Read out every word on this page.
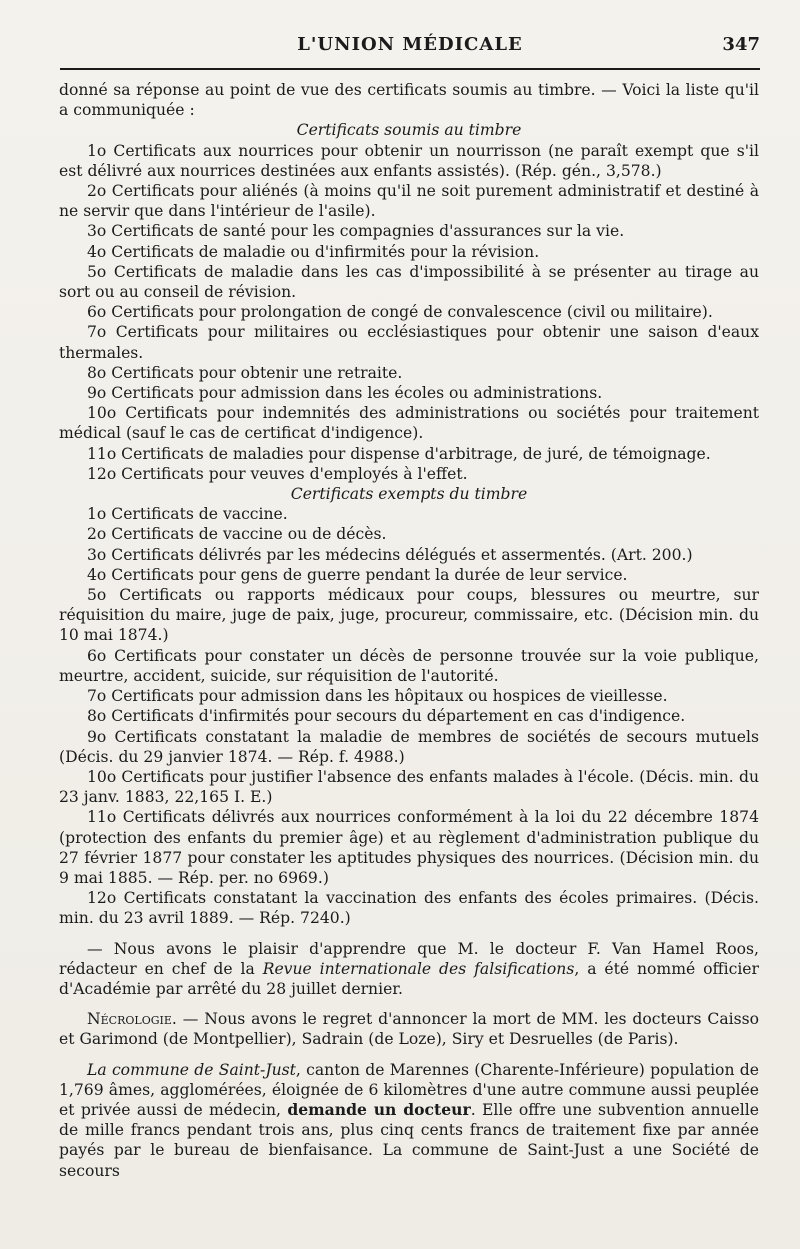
L'UNION MÉDICALE	347

donné sa réponse au point de vue des certificats soumis au timbre. — Voici la liste qu'il a communiquée :

Certificats soumis au timbre

1o Certificats aux nourrices pour obtenir un nourrisson (ne paraît exempt que s'il est délivré aux nourrices destinées aux enfants assistés). (Rép. gén., 3,578.)

2o Certificats pour aliénés (à moins qu'il ne soit purement administratif et destiné à ne servir que dans l'intérieur de l'asile).

3o Certificats de santé pour les compagnies d'assurances sur la vie.

4o Certificats de maladie ou d'infirmités pour la révision.

5o Certificats de maladie dans les cas d'impossibilité à se présenter au tirage au sort ou au conseil de révision.

6o Certificats pour prolongation de congé de convalescence (civil ou militaire).

7o Certificats pour militaires ou ecclésiastiques pour obtenir une saison d'eaux thermales.

8o Certificats pour obtenir une retraite.

9o Certificats pour admission dans les écoles ou administrations.

10o Certificats pour indemnités des administrations ou sociétés pour traitement médical (sauf le cas de certificat d'indigence).

11o Certificats de maladies pour dispense d'arbitrage, de juré, de témoignage.

12o Certificats pour veuves d'employés à l'effet.

Certificats exempts du timbre

1o Certificats de vaccine.

2o Certificats de vaccine ou de décès.

3o Certificats délivrés par les médecins délégués et assermentés. (Art. 200.)

4o Certificats pour gens de guerre pendant la durée de leur service.

5o Certificats ou rapports médicaux pour coups, blessures ou meurtre, sur réquisition du maire, juge de paix, juge, procureur, commissaire, etc. (Décision min. du 10 mai 1874.)

6o Certificats pour constater un décès de personne trouvée sur la voie publique, meurtre, accident, suicide, sur réquisition de l'autorité.

7o Certificats pour admission dans les hôpitaux ou hospices de vieillesse.

8o Certificats d'infirmités pour secours du département en cas d'indigence.

9o Certificats constatant la maladie de membres de sociétés de secours mutuels (Décis. du 29 janvier 1874. — Rép. f. 4988.)

10o Certificats pour justifier l'absence des enfants malades à l'école. (Décis. min. du 23 janv. 1883, 22,165 I. E.)

11o Certificats délivrés aux nourrices conformément à la loi du 22 décembre 1874 (protection des enfants du premier âge) et au règlement d'administration publique du 27 février 1877 pour constater les aptitudes physiques des nourrices. (Décision min. du 9 mai 1885. — Rép. per. no 6969.)

12o Certificats constatant la vaccination des enfants des écoles primaires. (Décis. min. du 23 avril 1889. — Rép. 7240.)

— Nous avons le plaisir d'apprendre que M. le docteur F. Van Hamel Roos, rédacteur en chef de la Revue internationale des falsifications, a été nommé officier d'Académie par arrêté du 28 juillet dernier.

Nécrologie. — Nous avons le regret d'annoncer la mort de MM. les docteurs Caisso et Garimond (de Montpellier), Sadrain (de Loze), Siry et Desruelles (de Paris).

La commune de Saint-Just, canton de Marennes (Charente-Inférieure) population de 1,769 âmes, agglomérées, éloignée de 6 kilomètres d'une autre commune aussi peuplée et privée aussi de médecin, demande un docteur. Elle offre une subvention annuelle de mille francs pendant trois ans, plus cinq cents francs de traitement fixe par année payés par le bureau de bienfaisance. La commune de Saint-Just a une Société de secours
